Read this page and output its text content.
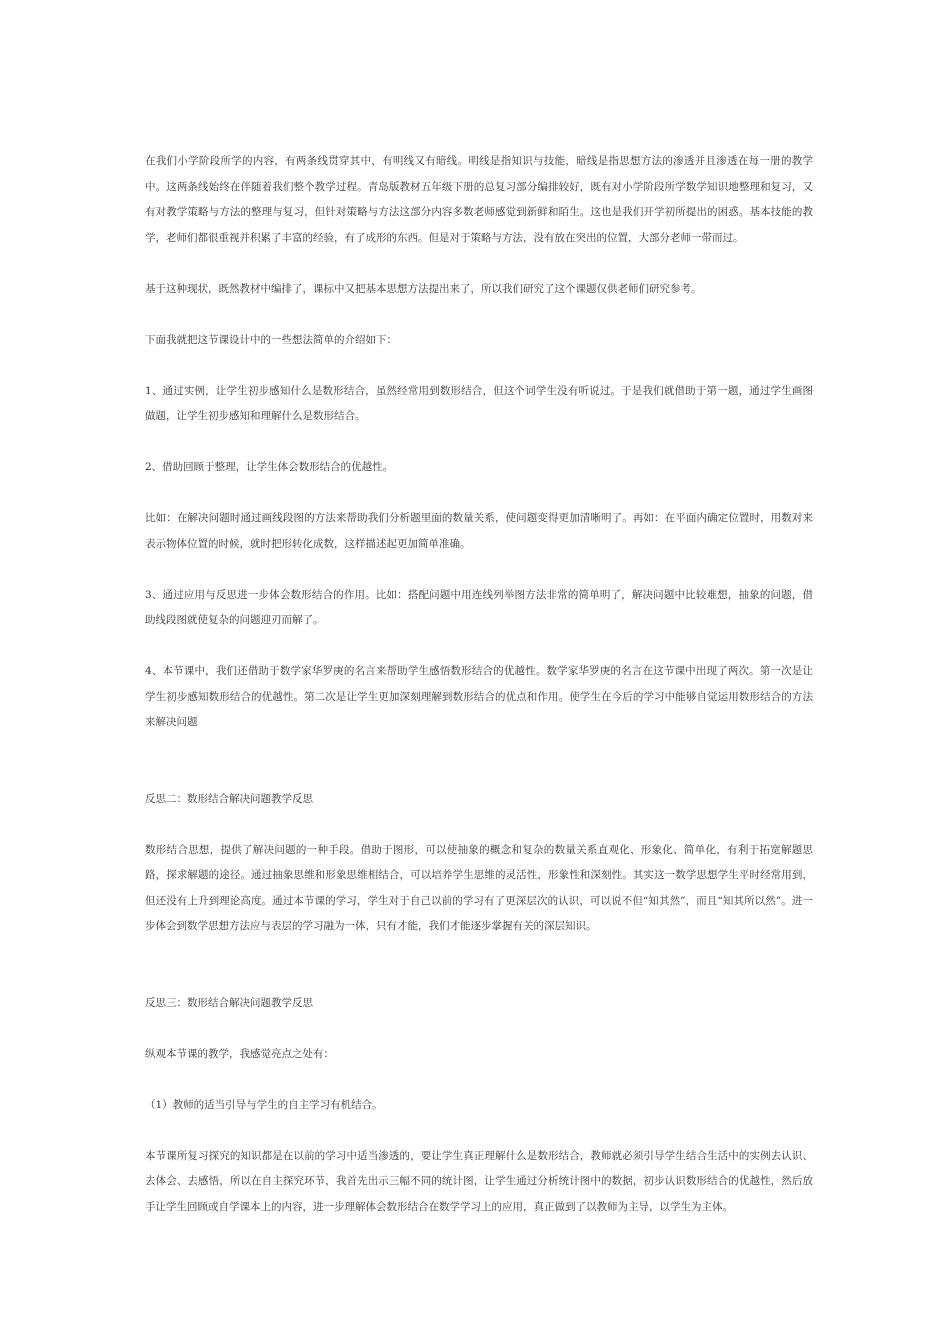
在我们小学阶段所学的内容，有两条线贯穿其中，有明线又有暗线。明线是指知识与技能，暗线是指思想方法的渗透并且渗透在每一册的教学中。这两条线始终在伴随着我们整个教学过程。青岛版教材五年级下册的总复习部分编排较好，既有对小学阶段所学数学知识地整理和复习，又有对教学策略与方法的整理与复习，但针对策略与方法这部分内容多数老师感觉到新鲜和陌生。这也是我们开学初所提出的困惑。基本技能的教学，老师们都很重视并积累了丰富的经验，有了成形的东西。但是对于策略与方法，没有放在突出的位置，大部分老师一带而过。

基于这种现状，既然教材中编排了，课标中又把基本思想方法提出来了，所以我们研究了这个课题仅供老师们研究参考。

下面我就把这节课设计中的一些想法简单的介绍如下：

1、通过实例，让学生初步感知什么是数形结合，虽然经常用到数形结合，但这个词学生没有听说过。于是我们就借助于第一题，通过学生画图做题，让学生初步感知和理解什么是数形结合。

2、借助回顾于整理，让学生体会数形结合的优越性。

比如：在解决问题时通过画线段图的方法来帮助我们分析题里面的数量关系，使问题变得更加清晰明了。再如：在平面内确定位置时，用数对来表示物体位置的时候，就时把形转化成数，这样描述起更加简单准确。

3、通过应用与反思进一步体会数形结合的作用。比如：搭配问题中用连线列举图方法非常的简单明了，解决问题中比较难想，抽象的问题，借助线段图就使复杂的问题迎刃而解了。

4、本节课中，我们还借助于数学家华罗庚的名言来帮助学生感悟数形结合的优越性。数学家华罗庚的名言在这节课中出现了两次。第一次是让学生初步感知数形结合的优越性。第二次是让学生更加深刻理解到数形结合的优点和作用。使学生在今后的学习中能够自觉运用数形结合的方法来解决问题

反思二：数形结合解决问题教学反思

数形结合思想，提供了解决问题的一种手段。借助于图形，可以使抽象的概念和复杂的数量关系直观化、形象化、简单化，有利于拓宽解题思路，探求解题的途径。通过抽象思维和形象思维相结合，可以培养学生思维的灵活性，形象性和深刻性。其实这一数学思想学生平时经常用到，但还没有上升到理论高度。通过本节课的学习，学生对于自己以前的学习有了更深层次的认识，可以说不但“知其然”，而且“知其所以然”。进一步体会到数学思想方法应与表层的学习融为一体，只有才能，我们才能逐步掌握有关的深层知识。

反思三：数形结合解决问题教学反思

纵观本节课的教学，我感觉亮点之处有：

（1）教师的适当引导与学生的自主学习有机结合。

本节课所复习探究的知识都是在以前的学习中适当渗透的，要让学生真正理解什么是数形结合，教师就必须引导学生结合生活中的实例去认识、去体会、去感悟，所以在自主探究环节，我首先出示三幅不同的统计图，让学生通过分析统计图中的数据，初步认识数形结合的优越性，然后放手让学生回顾或自学课本上的内容，进一步理解体会数形结合在数学学习上的应用，真正做到了以教师为主导，以学生为主体。
